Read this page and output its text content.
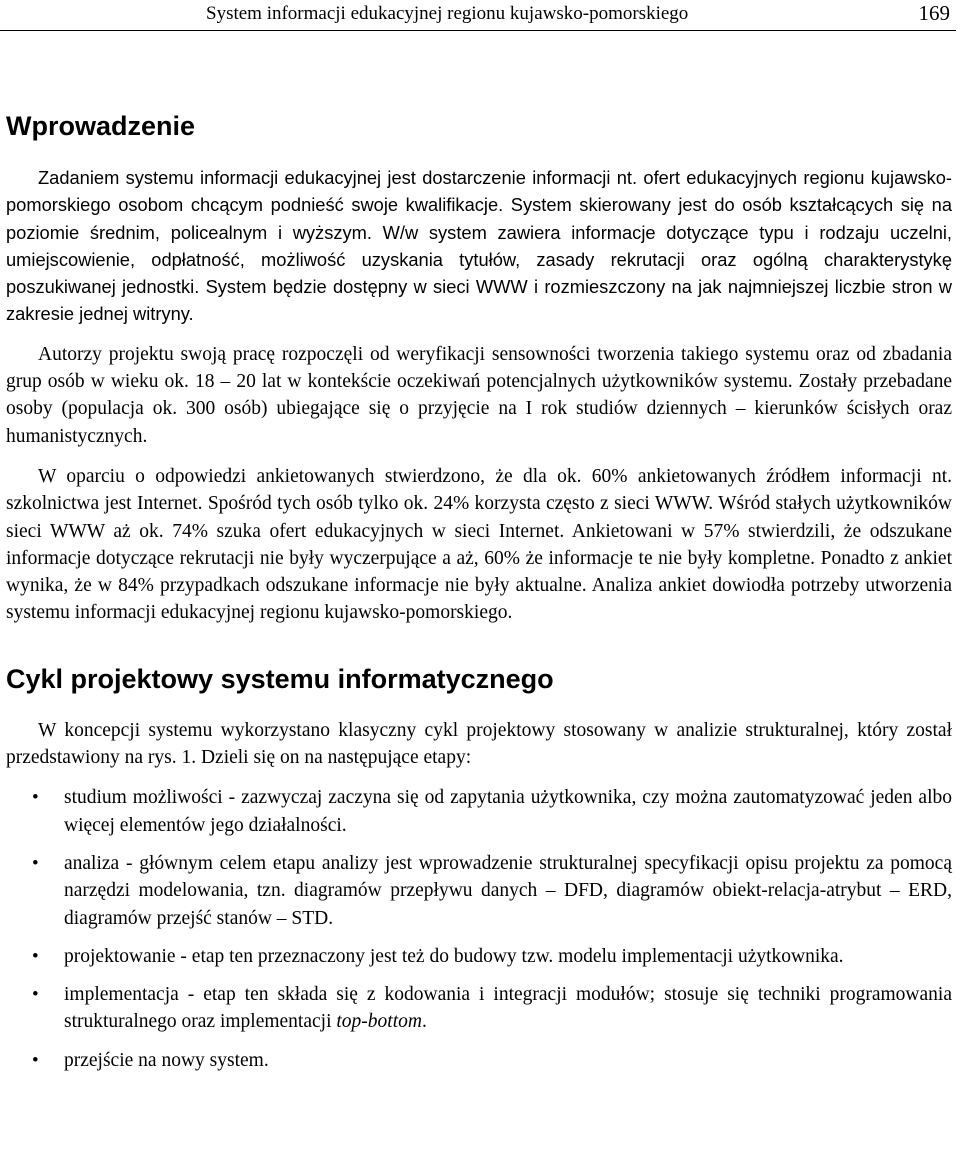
System informacji edukacyjnej regionu kujawsko-pomorskiego	169
Wprowadzenie

Zadaniem systemu informacji edukacyjnej jest dostarczenie informacji nt. ofert edukacyjnych regionu kujawsko-pomorskiego osobom chcącym podnieść swoje kwalifikacje. System skierowany jest do osób kształcących się na poziomie średnim, policealnym i wyższym. W/w system zawiera informacje dotyczące typu i rodzaju uczelni, umiejscowienie, odpłatność, możliwość uzyskania tytułów, zasady rekrutacji oraz ogólną charakterystykę poszukiwanej jednostki. System będzie dostępny w sieci WWW i rozmieszczony na jak najmniejszej liczbie stron w zakresie jednej witryny.

Autorzy projektu swoją pracę rozpoczęli od weryfikacji sensowności tworzenia takiego systemu oraz od zbadania grup osób w wieku ok. 18 – 20 lat w kontekście oczekiwań potencjalnych użytkowników systemu. Zostały przebadane osoby (populacja ok. 300 osób) ubiegające się o przyjęcie na I rok studiów dziennych – kierunków ścisłych oraz humanistycznych.

W oparciu o odpowiedzi ankietowanych stwierdzono, że dla ok. 60% ankietowanych źródłem informacji nt. szkolnictwa jest Internet. Spośród tych osób tylko ok. 24% korzysta często z sieci WWW. Wśród stałych użytkowników sieci WWW aż ok. 74% szuka ofert edukacyjnych w sieci Internet. Ankietowani w 57% stwierdzili, że odszukane informacje dotyczące rekrutacji nie były wyczerpujące a aż, 60% że informacje te nie były kompletne. Ponadto z ankiet wynika, że w 84% przypadkach odszukane informacje nie były aktualne. Analiza ankiet dowiodła potrzeby utworzenia systemu informacji edukacyjnej regionu kujawsko-pomorskiego.

Cykl projektowy systemu informatycznego

W koncepcji systemu wykorzystano klasyczny cykl projektowy stosowany w analizie strukturalnej, który został przedstawiony na rys. 1. Dzieli się on na następujące etapy:

• studium możliwości - zazwyczaj zaczyna się od zapytania użytkownika, czy można zautomatyzować jeden albo więcej elementów jego działalności.
• analiza - głównym celem etapu analizy jest wprowadzenie strukturalnej specyfikacji opisu projektu za pomocą narzędzi modelowania, tzn. diagramów przepływu danych – DFD, diagramów obiekt-relacja-atrybut – ERD, diagramów przejść stanów – STD.
• projektowanie - etap ten przeznaczony jest też do budowy tzw. modelu implementacji użytkownika.
• implementacja - etap ten składa się z kodowania i integracji modułów; stosuje się techniki programowania strukturalnego oraz implementacji top-bottom.
• przejście na nowy system.
